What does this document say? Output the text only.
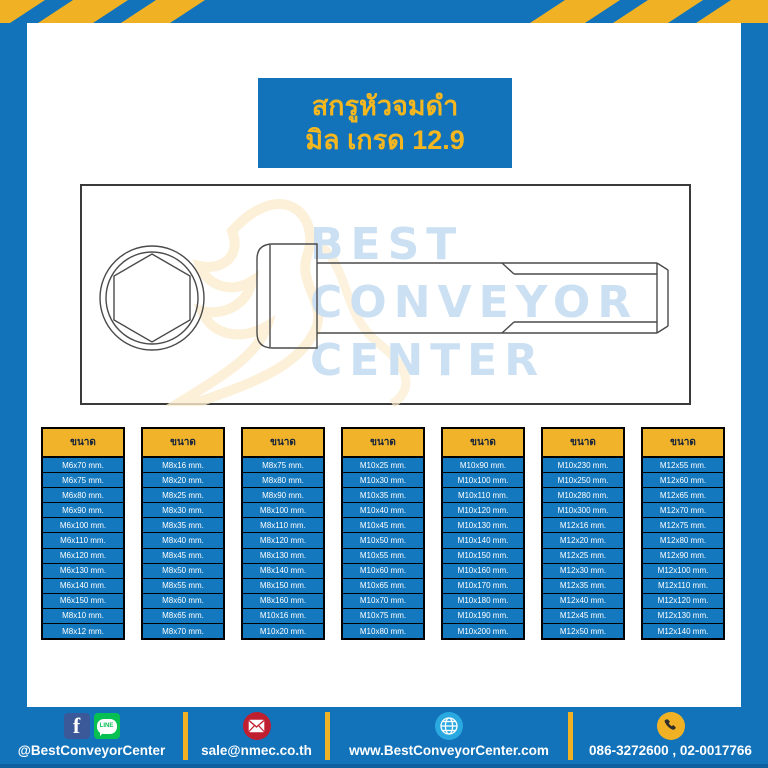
สกรูหัวจมดำ
มิล เกรด 12.9
BEST
CONVEYOR
CENTER
ขนาด
M6x70 mm.
M6x75 mm.
M6x80 mm.
M6x90 mm.
M6x100 mm.
M6x110 mm.
M6x120 mm.
M6x130 mm.
M6x140 mm.
M6x150 mm.
M8x10 mm.
M8x12 mm.
ขนาด
M8x16 mm.
M8x20 mm.
M8x25 mm.
M8x30 mm.
M8x35 mm.
M8x40 mm.
M8x45 mm.
M8x50 mm.
M8x55 mm.
M8x60 mm.
M8x65 mm.
M8x70 mm.
ขนาด
M8x75 mm.
M8x80 mm.
M8x90 mm.
M8x100 mm.
M8x110 mm.
M8x120 mm.
M8x130 mm.
M8x140 mm.
M8x150 mm.
M8x160 mm.
M10x16 mm.
M10x20 mm.
ขนาด
M10x25 mm.
M10x30 mm.
M10x35 mm.
M10x40 mm.
M10x45 mm.
M10x50 mm.
M10x55 mm.
M10x60 mm.
M10x65 mm.
M10x70 mm.
M10x75 mm.
M10x80 mm.
ขนาด
M10x90 mm.
M10x100 mm.
M10x110 mm.
M10x120 mm.
M10x130 mm.
M10x140 mm.
M10x150 mm.
M10x160 mm.
M10x170 mm.
M10x180 mm.
M10x190 mm.
M10x200 mm.
ขนาด
M10x230 mm.
M10x250 mm.
M10x280 mm.
M10x300 mm.
M12x16 mm.
M12x20 mm.
M12x25 mm.
M12x30 mm.
M12x35 mm.
M12x40 mm.
M12x45 mm.
M12x50 mm.
ขนาด
M12x55 mm.
M12x60 mm.
M12x65 mm.
M12x70 mm.
M12x75 mm.
M12x80 mm.
M12x90 mm.
M12x100 mm.
M12x110 mm.
M12x120 mm.
M12x130 mm.
M12x140 mm.
f	LINE
@BestConveyorCenter	sale@nmec.co.th	www.BestConveyorCenter.com	086-3272600 , 02-0017766
